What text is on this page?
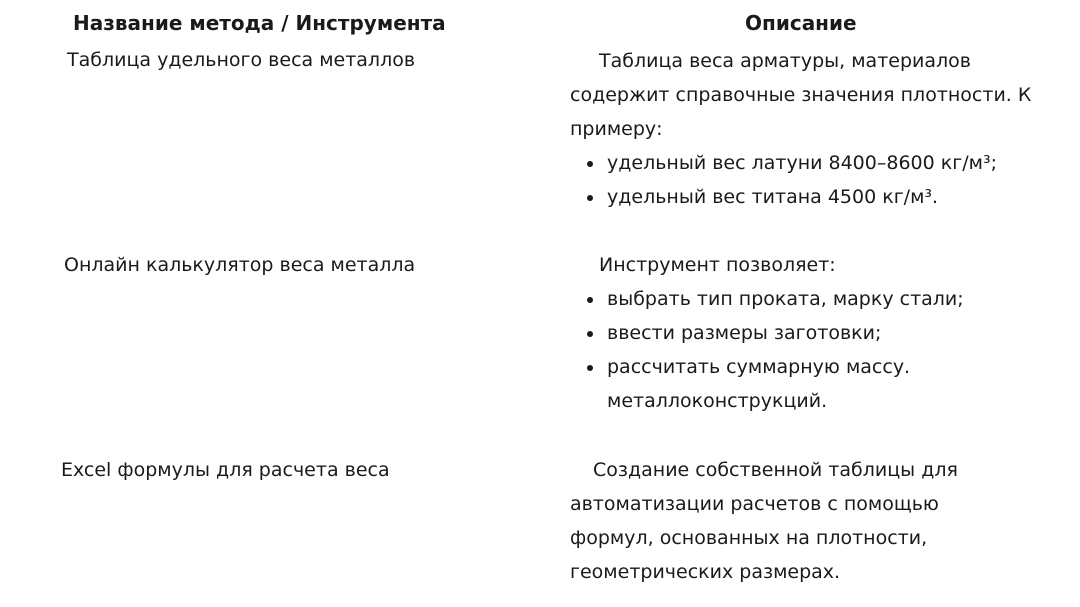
Название метода / Инструмента	Описание
Таблица удельного веса металлов	Таблица веса арматуры, материалов содержит справочные значения плотности. К примеру:

удельный вес латуни 8400–8600 кг/м³;
удельный вес титана 4500 кг/м³.
Онлайн калькулятор веса металла	Инструмент позволяет:

выбрать тип проката, марку стали;
ввести размеры заготовки;
рассчитать суммарную массу. металлоконструкций.
Excel формулы для расчета веса	Создание собственной таблицы для автоматизации расчетов с помощью формул, основанных на плотности, геометрических размерах.
